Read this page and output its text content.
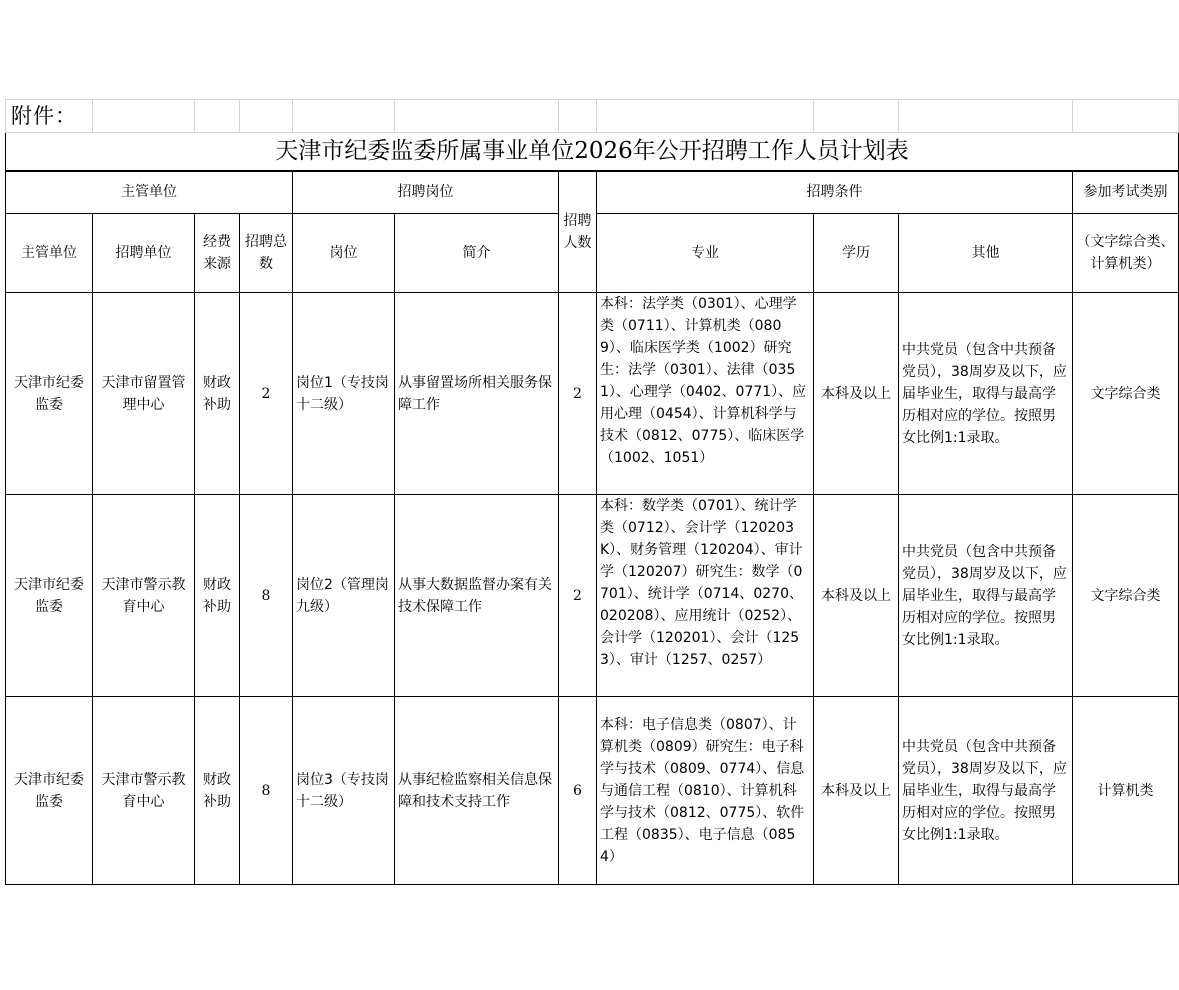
附件：										
天津市纪委监委所属事业单位2026年公开招聘工作人员计划表										
主管单位				招聘岗位		招聘人数	招聘条件			参加考试类别
主管单位	招聘单位	经费来源	招聘总数	岗位	简介		专业	学历	其他	（文字综合类、计算机类）
天津市纪委监委	天津市留置管理中心	财政补助	2	岗位1（专技岗十二级）	从事留置场所相关服务保障工作	2	本科：法学类（0301）、心理学类（0711）、计算机类（0809）、临床医学类（1002）研究生：法学（0301）、法律（0351）、心理学（0402、0771）、应用心理（0454）、计算机科学与技术（0812、0775）、临床医学（1002、1051）	本科及以上	中共党员（包含中共预备党员），38周岁及以下，应届毕业生，取得与最高学历相对应的学位。按照男女比例1:1录取。	文字综合类
天津市纪委监委	天津市警示教育中心	财政补助	8	岗位2（管理岗九级）	从事大数据监督办案有关技术保障工作	2	本科：数学类（0701）、统计学类（0712）、会计学（120203K）、财务管理（120204）、审计学（120207）研究生：数学（0701）、统计学（0714、0270、020208）、应用统计（0252）、会计学（120201）、会计（1253）、审计（1257、0257）	本科及以上	中共党员（包含中共预备党员），38周岁及以下，应届毕业生，取得与最高学历相对应的学位。按照男女比例1:1录取。	文字综合类
天津市纪委监委	天津市警示教育中心	财政补助	8	岗位3（专技岗十二级）	从事纪检监察相关信息保障和技术支持工作	6	本科：电子信息类（0807）、计算机类（0809）研究生：电子科学与技术（0809、0774）、信息与通信工程（0810）、计算机科学与技术（0812、0775）、软件工程（0835）、电子信息（0854）	本科及以上	中共党员（包含中共预备党员），38周岁及以下，应届毕业生，取得与最高学历相对应的学位。按照男女比例1:1录取。	计算机类
